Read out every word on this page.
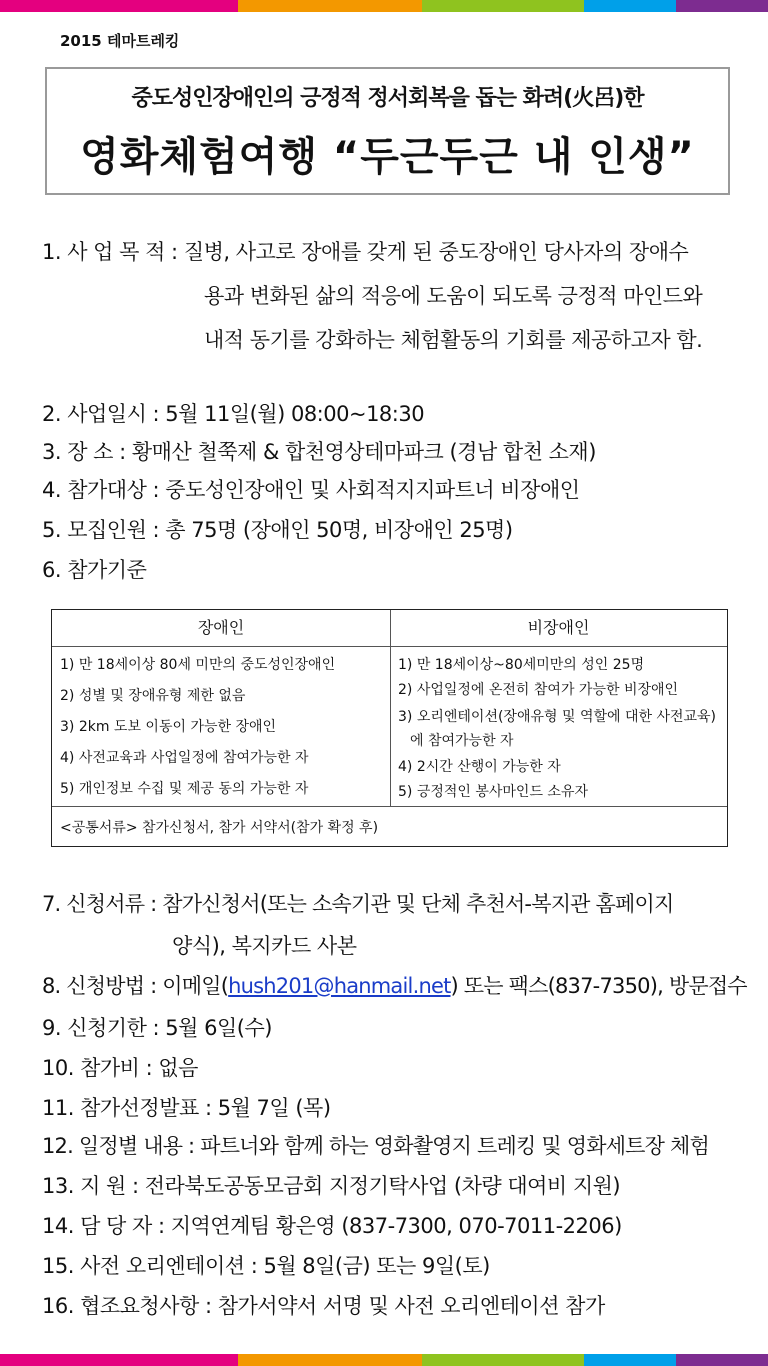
2015 테마트레킹
중도성인장애인의 긍정적 정서회복을 돕는 화려(火呂)한
영화체험여행 “두근두근 내 인생”
1. 사 업 목 적 : 질병, 사고로 장애를 갖게 된 중도장애인 당사자의 장애수
용과 변화된 삶의 적응에 도움이 되도록 긍정적 마인드와
내적 동기를 강화하는 체험활동의 기회를 제공하고자 함.
2. 사업일시 : 5월 11일(월) 08:00~18:30
3. 장 소 : 황매산 철쭉제 & 합천영상테마파크 (경남 합천 소재)
4. 참가대상 : 중도성인장애인 및 사회적지지파트너 비장애인
5. 모집인원 : 총 75명 (장애인 50명, 비장애인 25명)
6. 참가기준
장애인	비장애인
1) 만 18세이상 80세 미만의 중도성인장애인
2) 성별 및 장애유형 제한 없음
3) 2km 도보 이동이 가능한 장애인
4) 사전교육과 사업일정에 참여가능한 자
5) 개인정보 수집 및 제공 동의 가능한 자
1) 만 18세이상~80세미만의 성인 25명
2) 사업일정에 온전히 참여가 가능한 비장애인
3) 오리엔테이션(장애유형 및 역할에 대한 사전교육)
에 참여가능한 자
4) 2시간 산행이 가능한 자
5) 긍정적인 봉사마인드 소유자
<공통서류> 참가신청서, 참가 서약서(참가 확정 후)
7. 신청서류 : 참가신청서(또는 소속기관 및 단체 추천서-복지관 홈페이지
양식), 복지카드 사본
8. 신청방법 : 이메일(hush201@hanmail.net) 또는 팩스(837-7350), 방문접수
9. 신청기한 : 5월 6일(수)
10. 참가비 : 없음
11. 참가선정발표 : 5월 7일 (목)
12. 일정별 내용 : 파트너와 함께 하는 영화촬영지 트레킹 및 영화세트장 체험
13. 지 원 : 전라북도공동모금회 지정기탁사업 (차량 대여비 지원)
14. 담 당 자 : 지역연계팀 황은영 (837-7300, 070-7011-2206)
15. 사전 오리엔테이션 : 5월 8일(금) 또는 9일(토)
16. 협조요청사항 : 참가서약서 서명 및 사전 오리엔테이션 참가
